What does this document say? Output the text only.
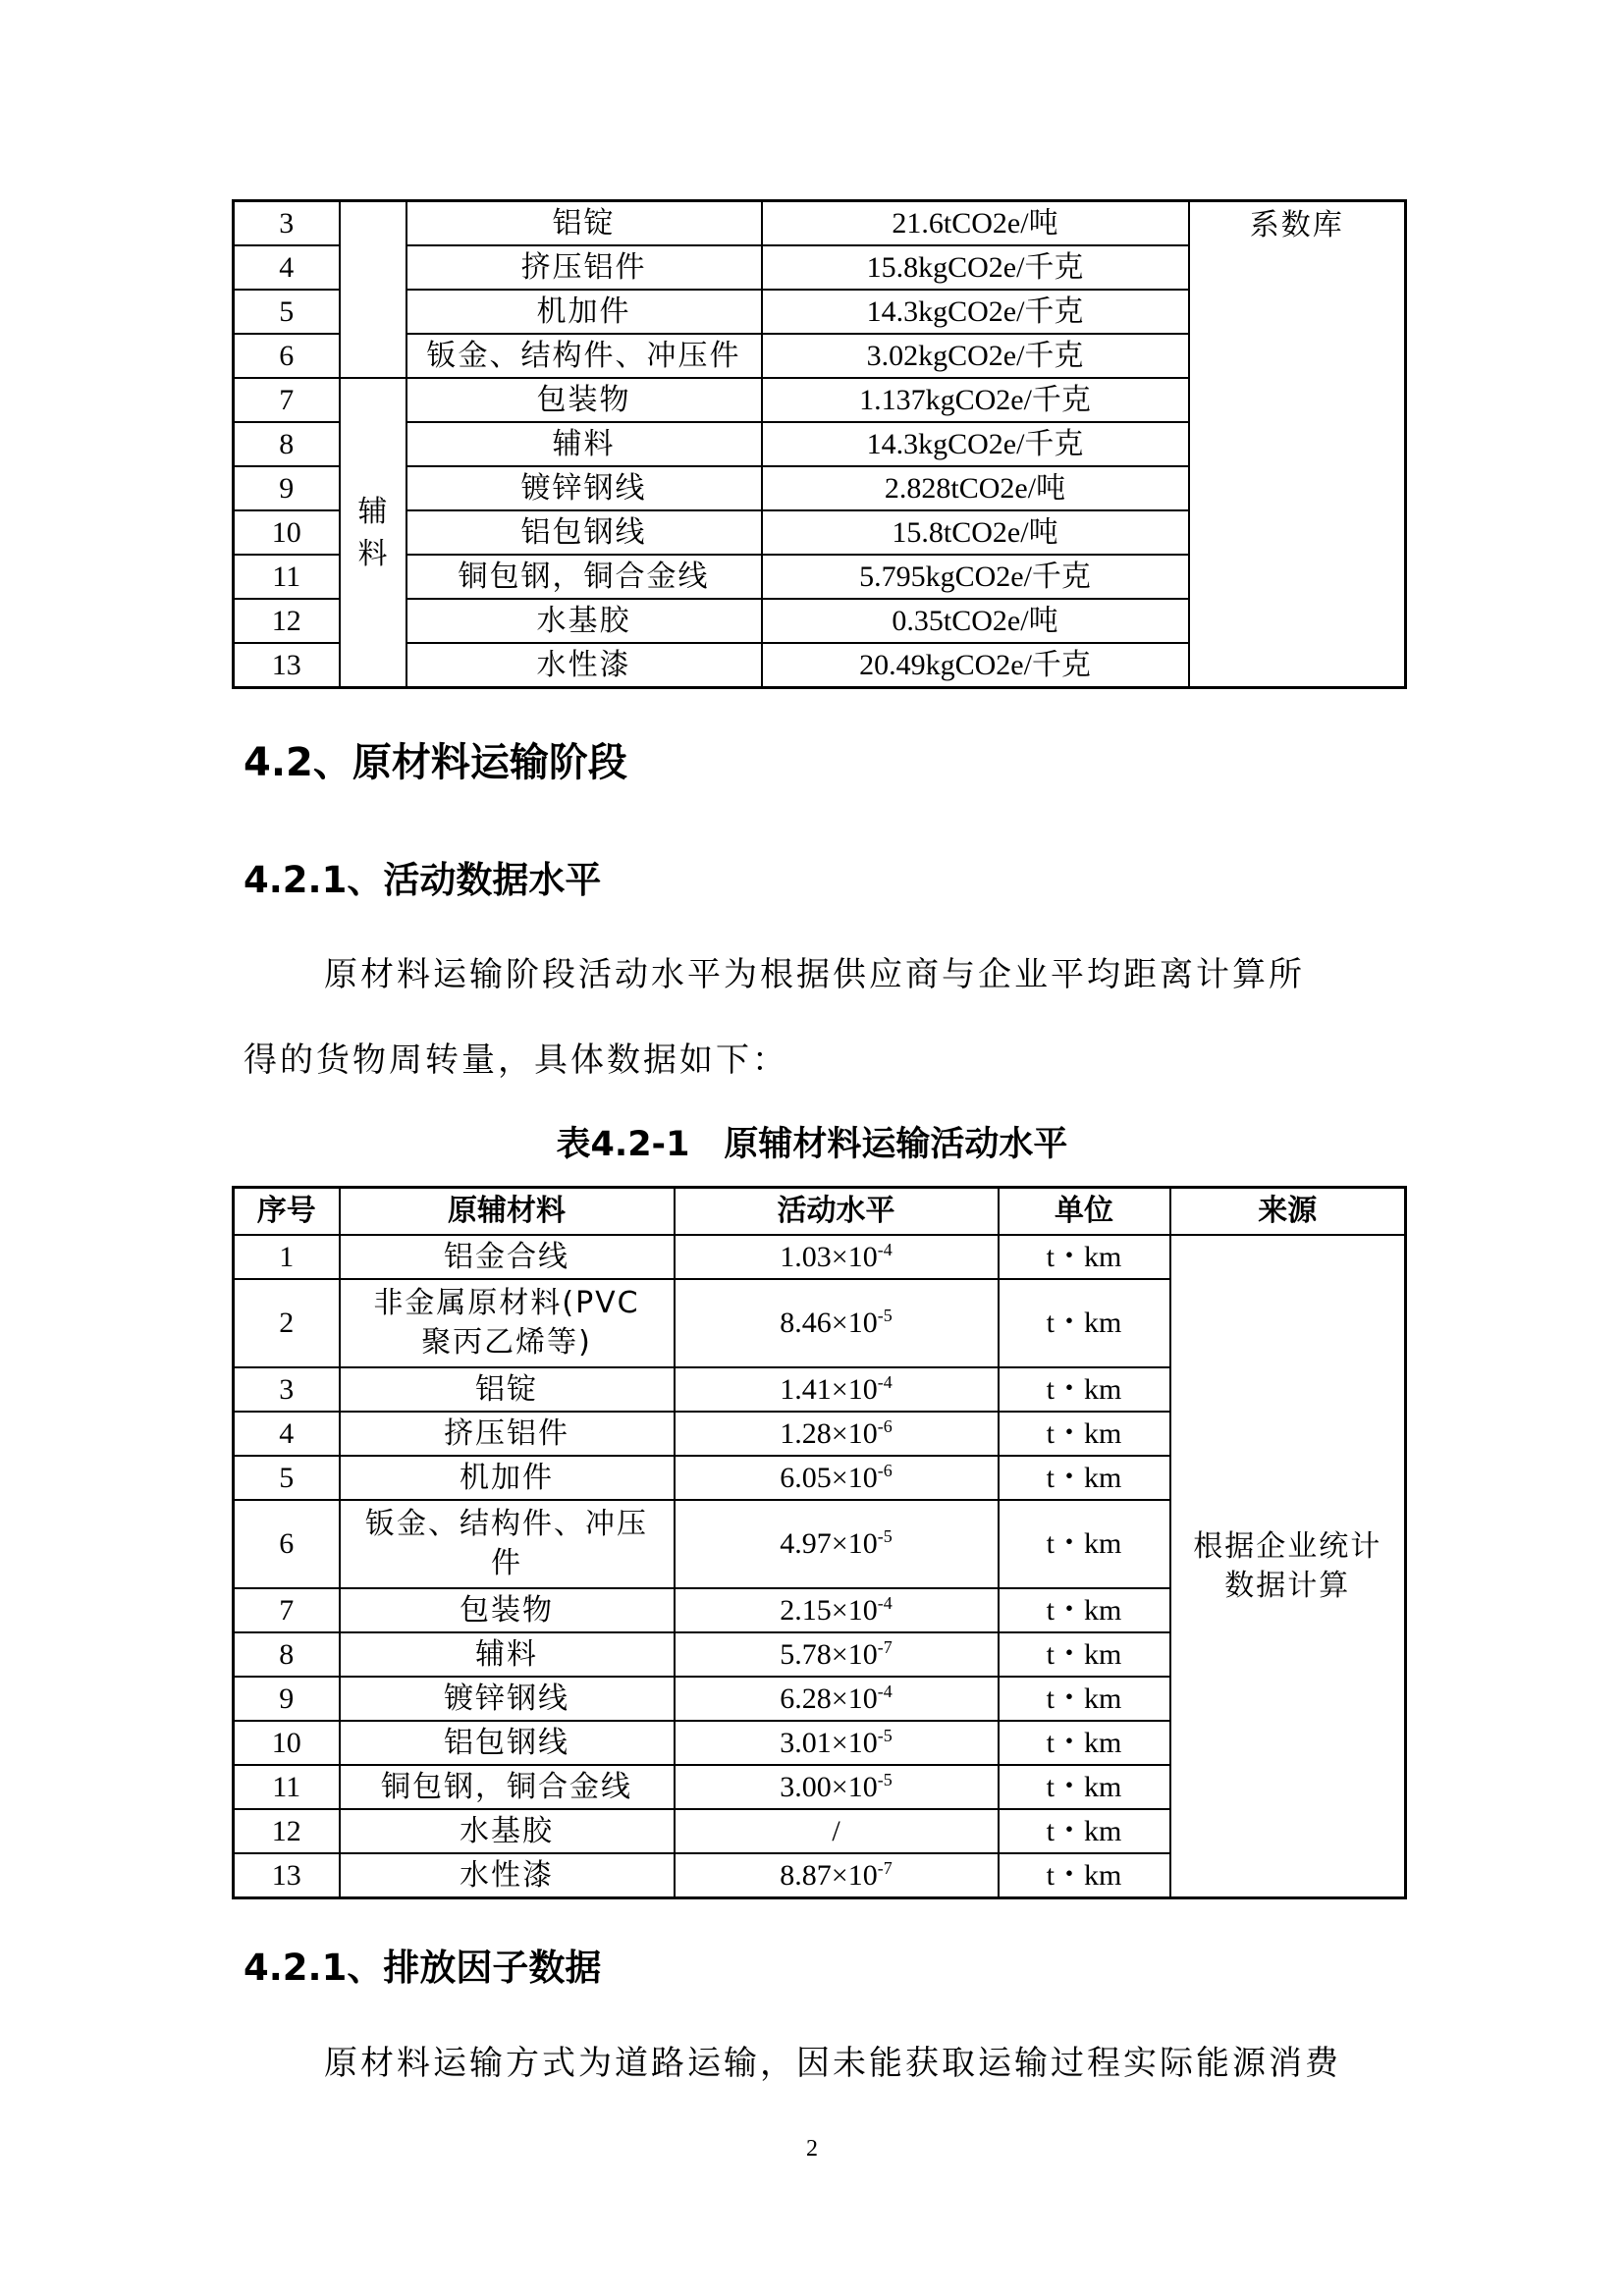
3		铝锭	21.6tCO2e/吨	系数库
4		挤压铝件	15.8kgCO2e/千克	
5		机加件	14.3kgCO2e/千克	
6		钣金、结构件、冲压件	3.02kgCO2e/千克	
7	辅料	包装物	1.137kgCO2e/千克	
8		辅料	14.3kgCO2e/千克	
9		镀锌钢线	2.828tCO2e/吨	
10		铝包钢线	15.8tCO2e/吨	
11		铜包钢，铜合金线	5.795kgCO2e/千克	
12		水基胶	0.35tCO2e/吨	
13		水性漆	20.49kgCO2e/千克	
4.2、原材料运输阶段
4.2.1、活动数据水平

原材料运输阶段活动水平为根据供应商与企业平均距离计算所

得的货物周转量，具体数据如下：

表4.2-1　原辅材料运输活动水平

序号	原辅材料	活动水平	单位	来源
1	铝金合线	$1.03\times 10^{-4}$	t・km	根据企业统计
数据计算

2	非金属原材料(PVC
聚丙乙烯等)	$8.46\times 10^{-5}$	t・km	
3	铝锭	$1.41\times 10^{-4}$	t・km	
4	挤压铝件	$1.28\times 10^{-6}$	t・km	
5	机加件	$6.05\times 10^{-6}$	t・km	
6	钣金、结构件、冲压
件	$4.97\times 10^{-5}$	t・km	
7	包装物	$2.15\times 10^{-4}$	t・km	
8	辅料	$5.78\times 10^{-7}$	t・km	
9	镀锌钢线	$6.28\times 10^{-4}$	t・km	
10	铝包钢线	$3.01\times 10^{-5}$	t・km	
11	铜包钢，铜合金线	$3.00\times 10^{-5}$	t・km	
12	水基胶	/	t・km	
13	水性漆	$8.87\times 10^{-7}$	t・km	
4.2.1、排放因子数据

原材料运输方式为道路运输，因未能获取运输过程实际能源消费

2
